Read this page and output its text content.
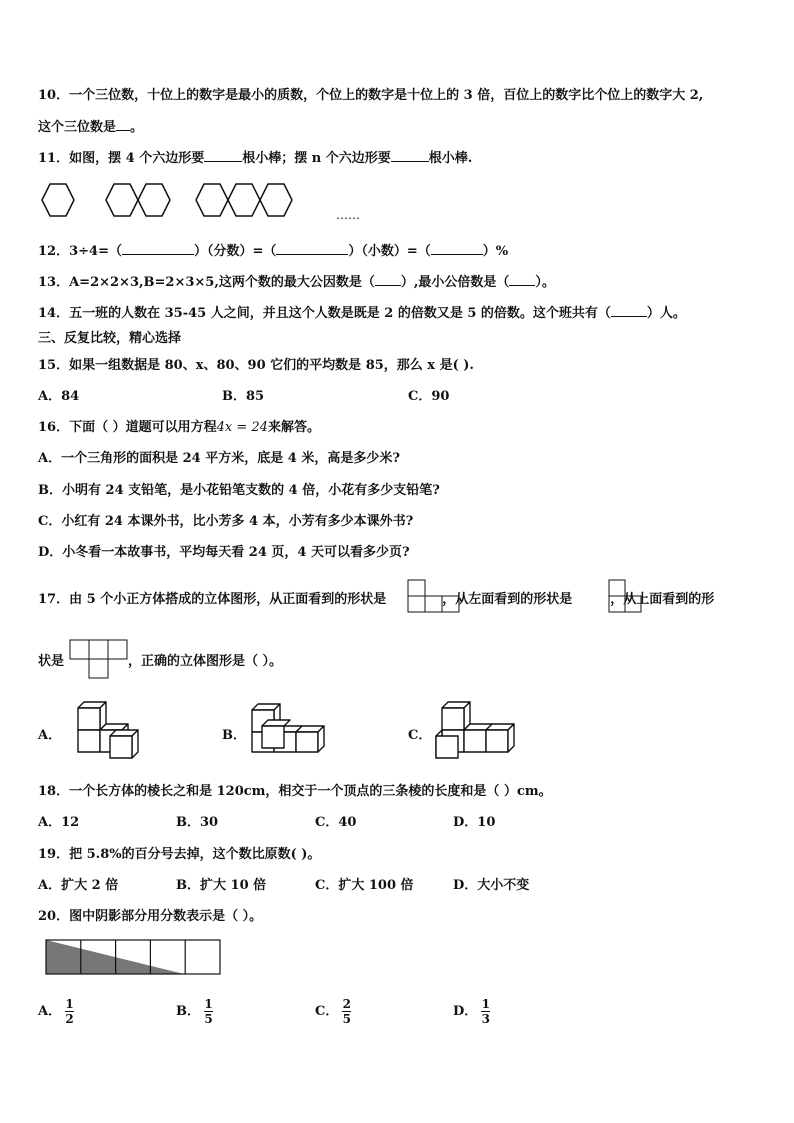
10．一个三位数，十位上的数字是最小的质数，个位上的数字是十位上的 3 倍，百位上的数字比个位上的数字大 2,
这个三位数是 。
11．如图，摆 4 个六边形要	根小棒；摆 n 个六边形要	根小棒.
……
12．3÷4=（	）（分数）=（	）（小数）=（	）%
13．A=2×2×3,B=2×3×5,这两个数的最大公因数是（ ）,最小公倍数是（ ）。
14．五一班的人数在 35-45 人之间，并且这个人数是既是 2 的倍数又是 5 的倍数。这个班共有（	）人。
三、反复比较，精心选择
15．如果一组数据是 80、x、80、90 它们的平均数是 85，那么 x 是( ).
A．84	B．85	C．90
16．下面（ ）道题可以用方程4x = 24来解答。
A．一个三角形的面积是 24 平方米，底是 4 米，高是多少米?
B．小明有 24 支铅笔，是小花铅笔支数的 4 倍，小花有多少支铅笔?
C．小红有 24 本课外书，比小芳多 4 本，小芳有多少本课外书?
D．小冬看一本故事书，平均每天看 24 页，4 天可以看多少页?
17．由 5 个小正方体搭成的立体图形，从正面看到的形状是	，从左面看到的形状是	，从上面看到的形
状是	，正确的立体图形是（ ）。
A．	B．	C．
18．一个长方体的棱长之和是 120cm，相交于一个顶点的三条棱的长度和是（ ）cm。
A．12	B．30	C．40	D．10
19．把 5.8%的百分号去掉，这个数比原数( )。
A．扩大 2 倍	B．扩大 10 倍	C．扩大 100 倍	D．大小不变
20．图中阴影部分用分数表示是（ ）。
A． $\frac{1}{2}$	B． $\frac{1}{5}$	C． $\frac{2}{5}$	D． $\frac{1}{3}$
